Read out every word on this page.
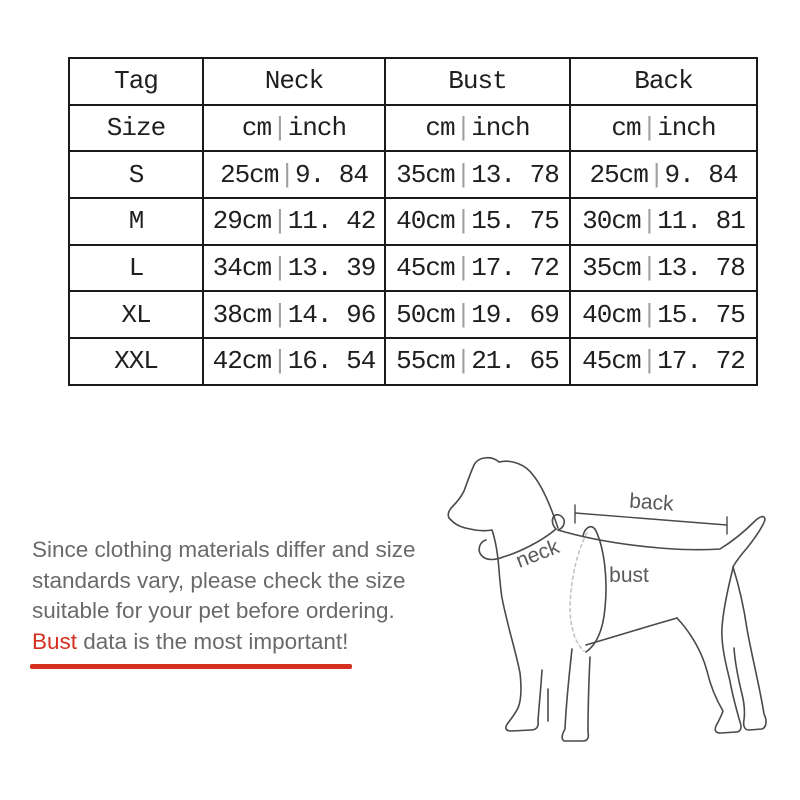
Tag	Neck	Bust	Back
Size	cm|inch	cm|inch	cm|inch
S	25cm|9. 84	35cm|13. 78	25cm|9. 84
M	29cm|11. 42	40cm|15. 75	30cm|11. 81
L	34cm|13. 39	45cm|17. 72	35cm|13. 78
XL	38cm|14. 96	50cm|19. 69	40cm|15. 75
XXL	42cm|16. 54	55cm|21. 65	45cm|17. 72
Since clothing materials differ and size
standards vary, please check the size
suitable for your pet before ordering.
Bust data is the most important!
back
neck
bust
